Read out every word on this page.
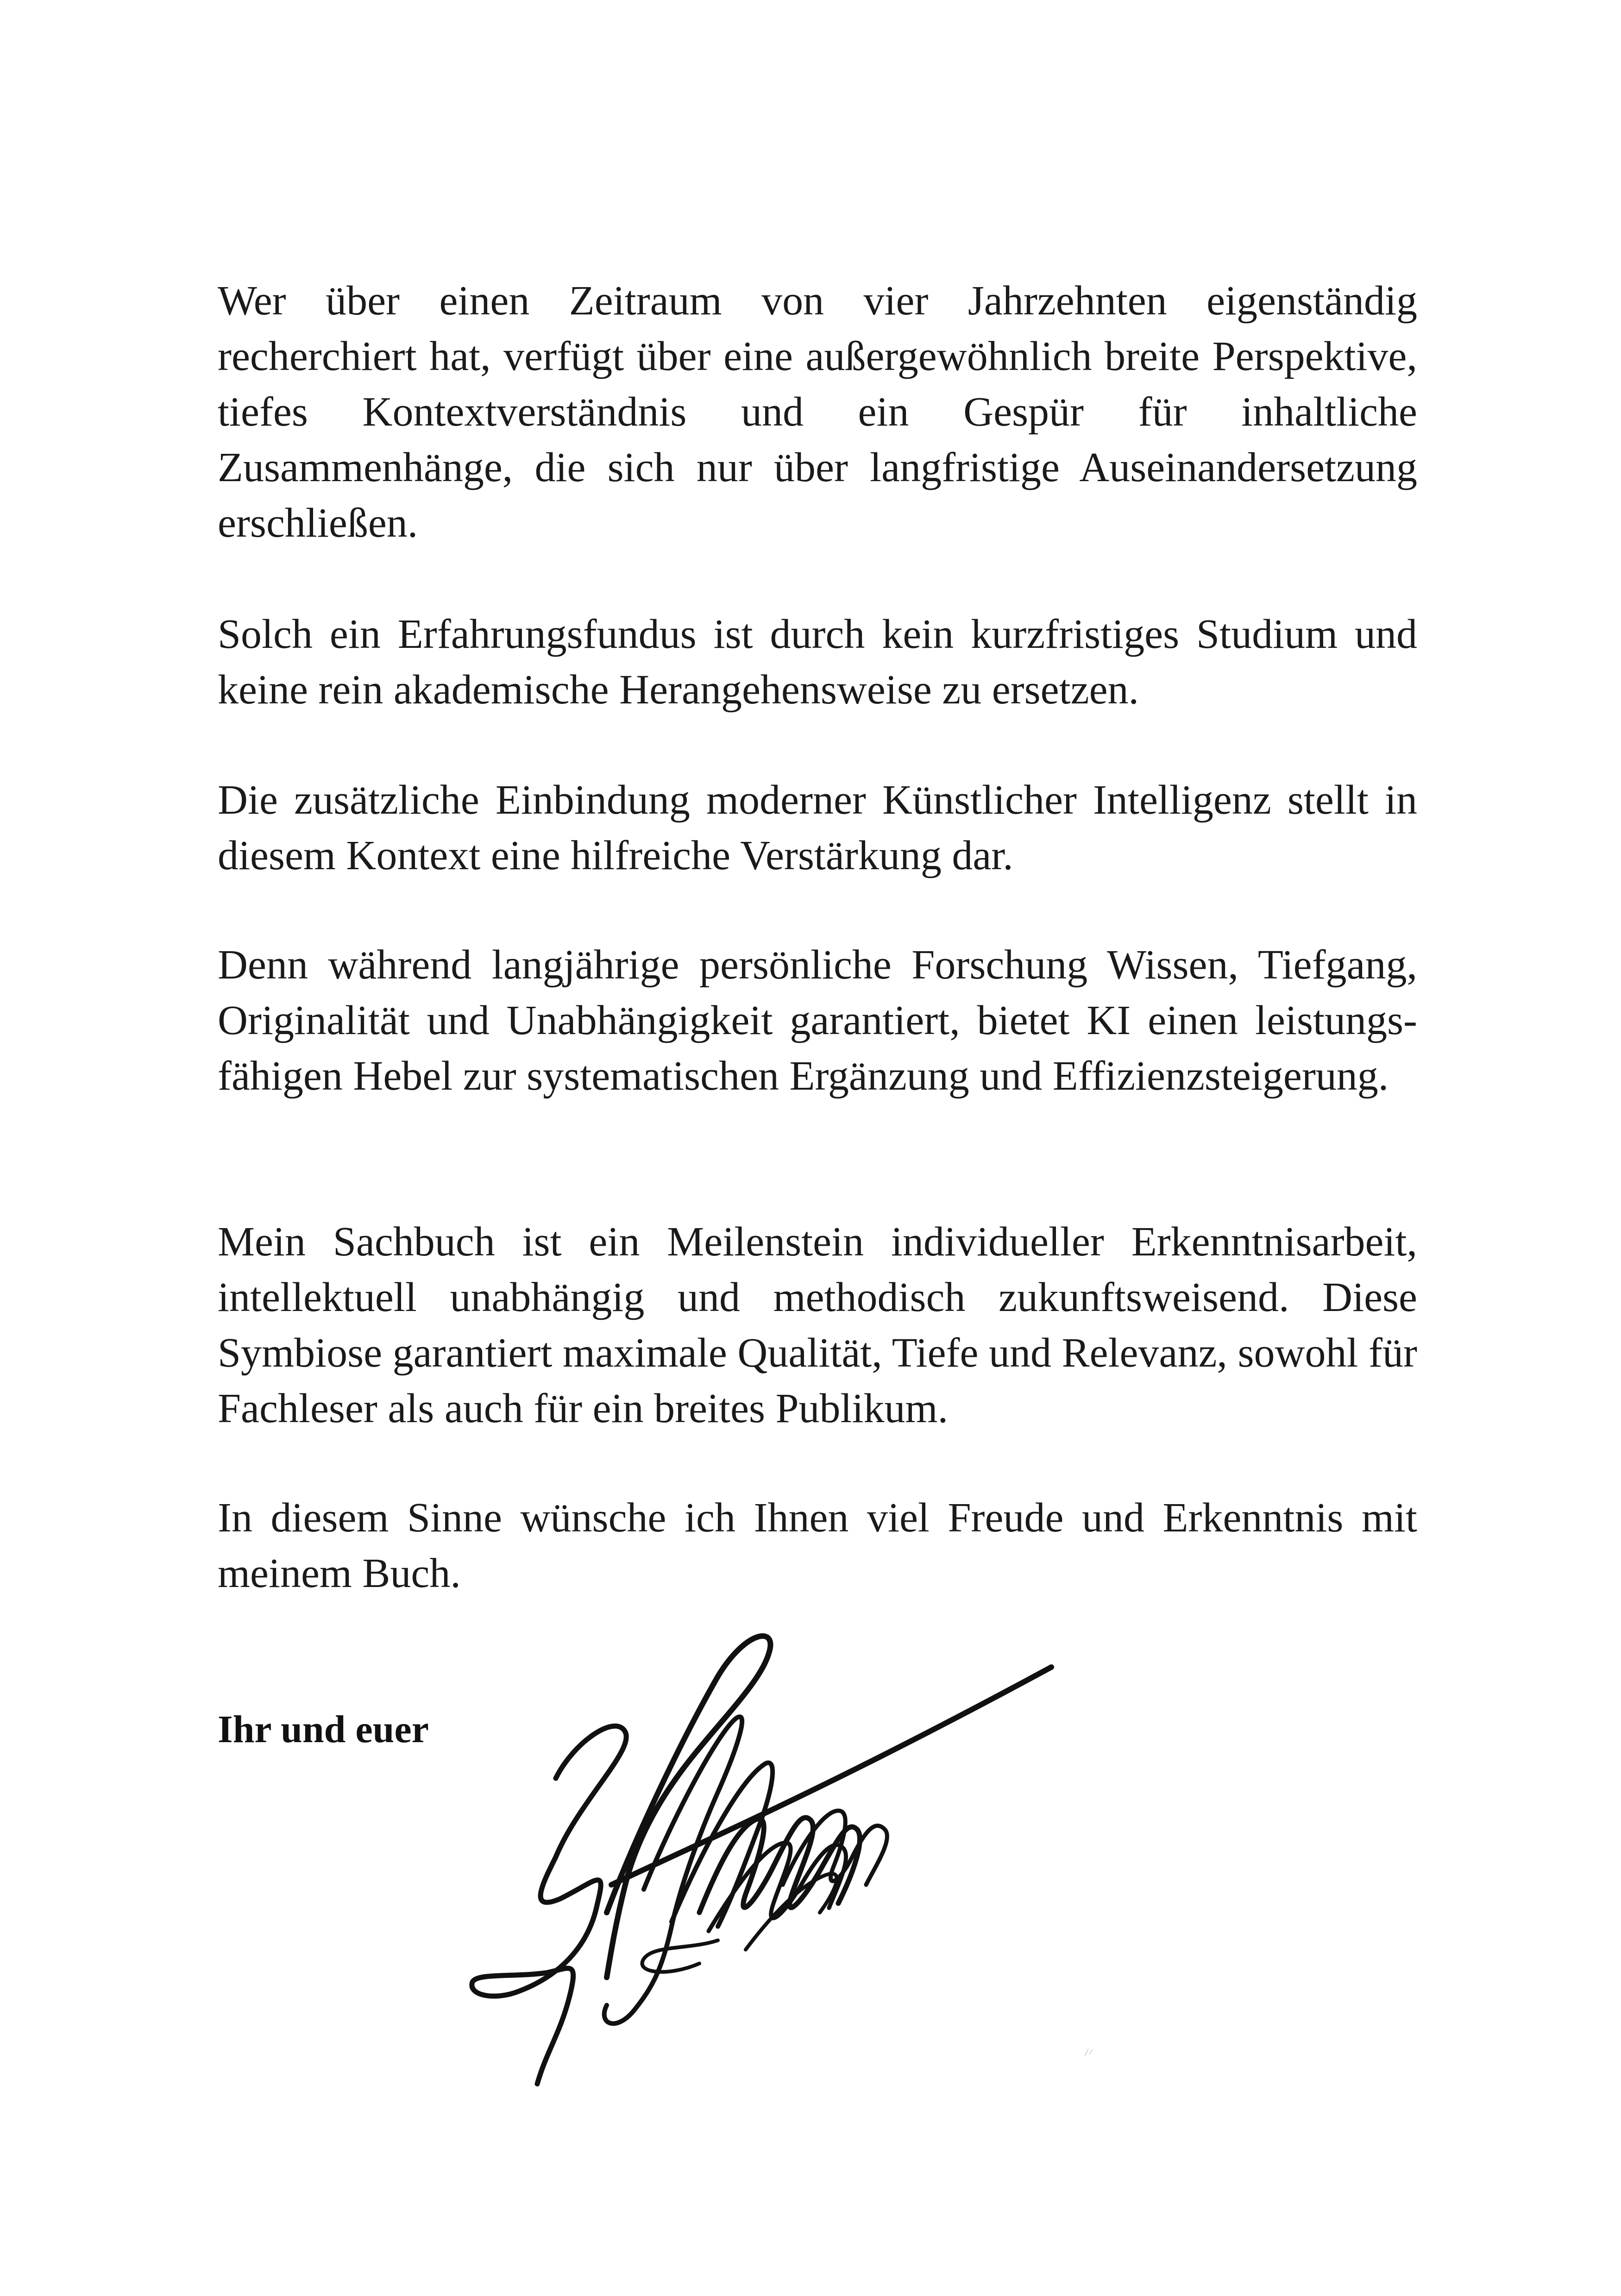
Wer über einen Zeitraum von vier Jahrzehnten eigenständig recherchiert hat, verfügt über eine außergewöhnlich breite Perspektive, tiefes Kontextverständnis und ein Gespür für inhaltliche Zusammenhänge, die sich nur über langfristige Auseinandersetzung erschließen.

Solch ein Erfahrungsfundus ist durch kein kurzfristiges Studium und keine rein akademische Herangehensweise zu ersetzen.

Die zusätzliche Einbindung moderner Künstlicher Intelligenz stellt in diesem Kontext eine hilfreiche Verstärkung dar.

Denn während langjährige persönliche Forschung Wissen, Tiefgang, Originalität und Unabhängigkeit garantiert, bietet KI einen leistungs-fähigen Hebel zur systematischen Ergänzung und Effizienzsteigerung.

Mein Sachbuch ist ein Meilenstein individueller Erkenntnisarbeit, intellektuell unabhängig und methodisch zukunftsweisend. Diese Symbiose garantiert maximale Qualität, Tiefe und Relevanz, sowohl für Fachleser als auch für ein breites Publikum.

In diesem Sinne wünsche ich Ihnen viel Freude und Erkenntnis mit meinem Buch.

Ihr und euer
